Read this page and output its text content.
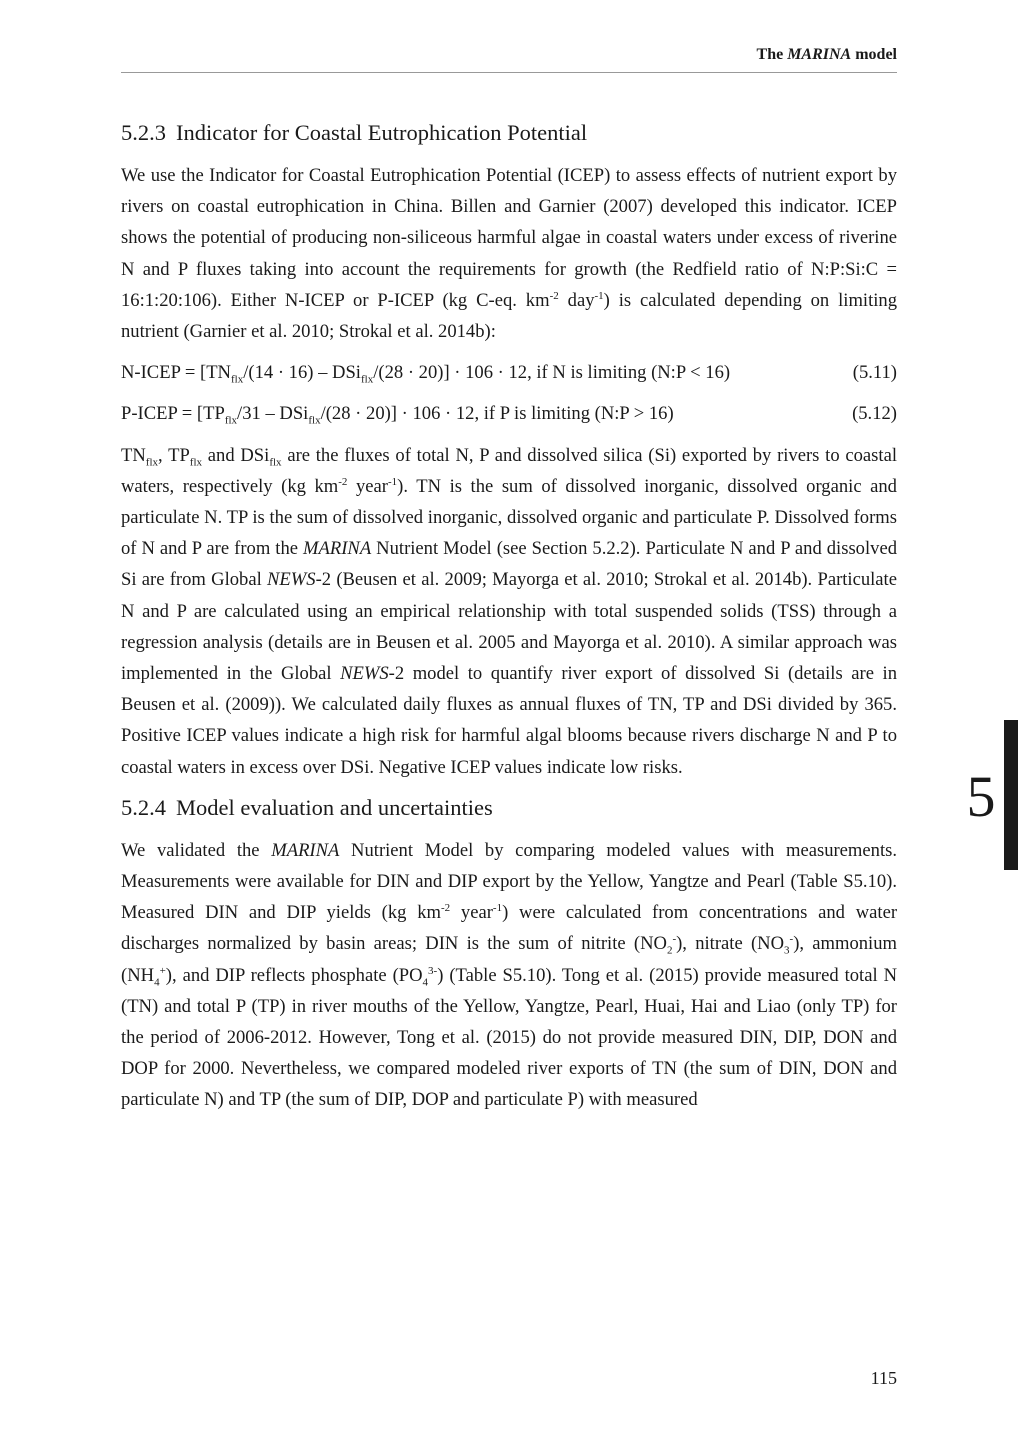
The MARINA model
5.2.3 Indicator for Coastal Eutrophication Potential

We use the Indicator for Coastal Eutrophication Potential (ICEP) to assess effects of nutrient export by rivers on coastal eutrophication in China. Billen and Garnier (2007) developed this indicator. ICEP shows the potential of producing non-siliceous harmful algae in coastal waters under excess of riverine N and P fluxes taking into account the requirements for growth (the Redfield ratio of N:P:Si:C = 16:1:20:106). Either N-ICEP or P-ICEP (kg C-eq. $km^{-2}$ day$^{-1}$) is calculated depending on limiting nutrient (Garnier et al. 2010; Strokal et al. 2014b):

N-ICEP = $[TN_{flx}/(14 \cdot 16) - DSi_{flx}/(28 \cdot 20)] \cdot 106 \cdot 12$, if N is limiting (N:P < 16)	(5.11)
P-ICEP = $[TP_{flx}/31 - DSi_{flx}/(28 \cdot 20)] \cdot 106 \cdot 12$, if P is limiting (N:P > 16)	(5.12)

$TN_{flx}$, $TP_{flx}$ and DSi$_{flx}$ are the fluxes of total N, P and dissolved silica (Si) exported by rivers to coastal waters, respectively (kg $km^{-2}$ year$^{-1}$). TN is the sum of dissolved inorganic, dissolved organic and particulate N. TP is the sum of dissolved inorganic, dissolved organic and particulate P. Dissolved forms of N and P are from the MARINA Nutrient Model (see Section 5.2.2). Particulate N and P and dissolved Si are from Global NEWS-2 (Beusen et al. 2009; Mayorga et al. 2010; Strokal et al. 2014b). Particulate N and P are calculated using an empirical relationship with total suspended solids (TSS) through a regression analysis (details are in Beusen et al. 2005 and Mayorga et al. 2010). A similar approach was implemented in the Global NEWS-2 model to quantify river export of dissolved Si (details are in Beusen et al. (2009)). We calculated daily fluxes as annual fluxes of TN, TP and DSi divided by 365. Positive ICEP values indicate a high risk for harmful algal blooms because rivers discharge N and P to coastal waters in excess over DSi. Negative ICEP values indicate low risks.

5.2.4 Model evaluation and uncertainties

We validated the MARINA Nutrient Model by comparing modeled values with measurements. Measurements were available for DIN and DIP export by the Yellow, Yangtze and Pearl (Table S5.10). Measured DIN and DIP yields (kg $km^{-2}$ year$^{-1}$) were calculated from concentrations and water discharges normalized by basin areas; DIN is the sum of nitrite $(NO_2^-)$, nitrate $(NO_3^-)$, ammonium $(NH_4^+)$, and DIP reflects phosphate $(PO_4^{3-})$ (Table S5.10). Tong et al. (2015) provide measured total N (TN) and total P (TP) in river mouths of the Yellow, Yangtze, Pearl, Huai, Hai and Liao (only TP) for the period of 2006-2012. However, Tong et al. (2015) do not provide measured DIN, DIP, DON and DOP for 2000. Nevertheless, we compared modeled river exports of TN (the sum of DIN, DON and particulate N) and TP (the sum of DIP, DOP and particulate P) with measured

5
115
